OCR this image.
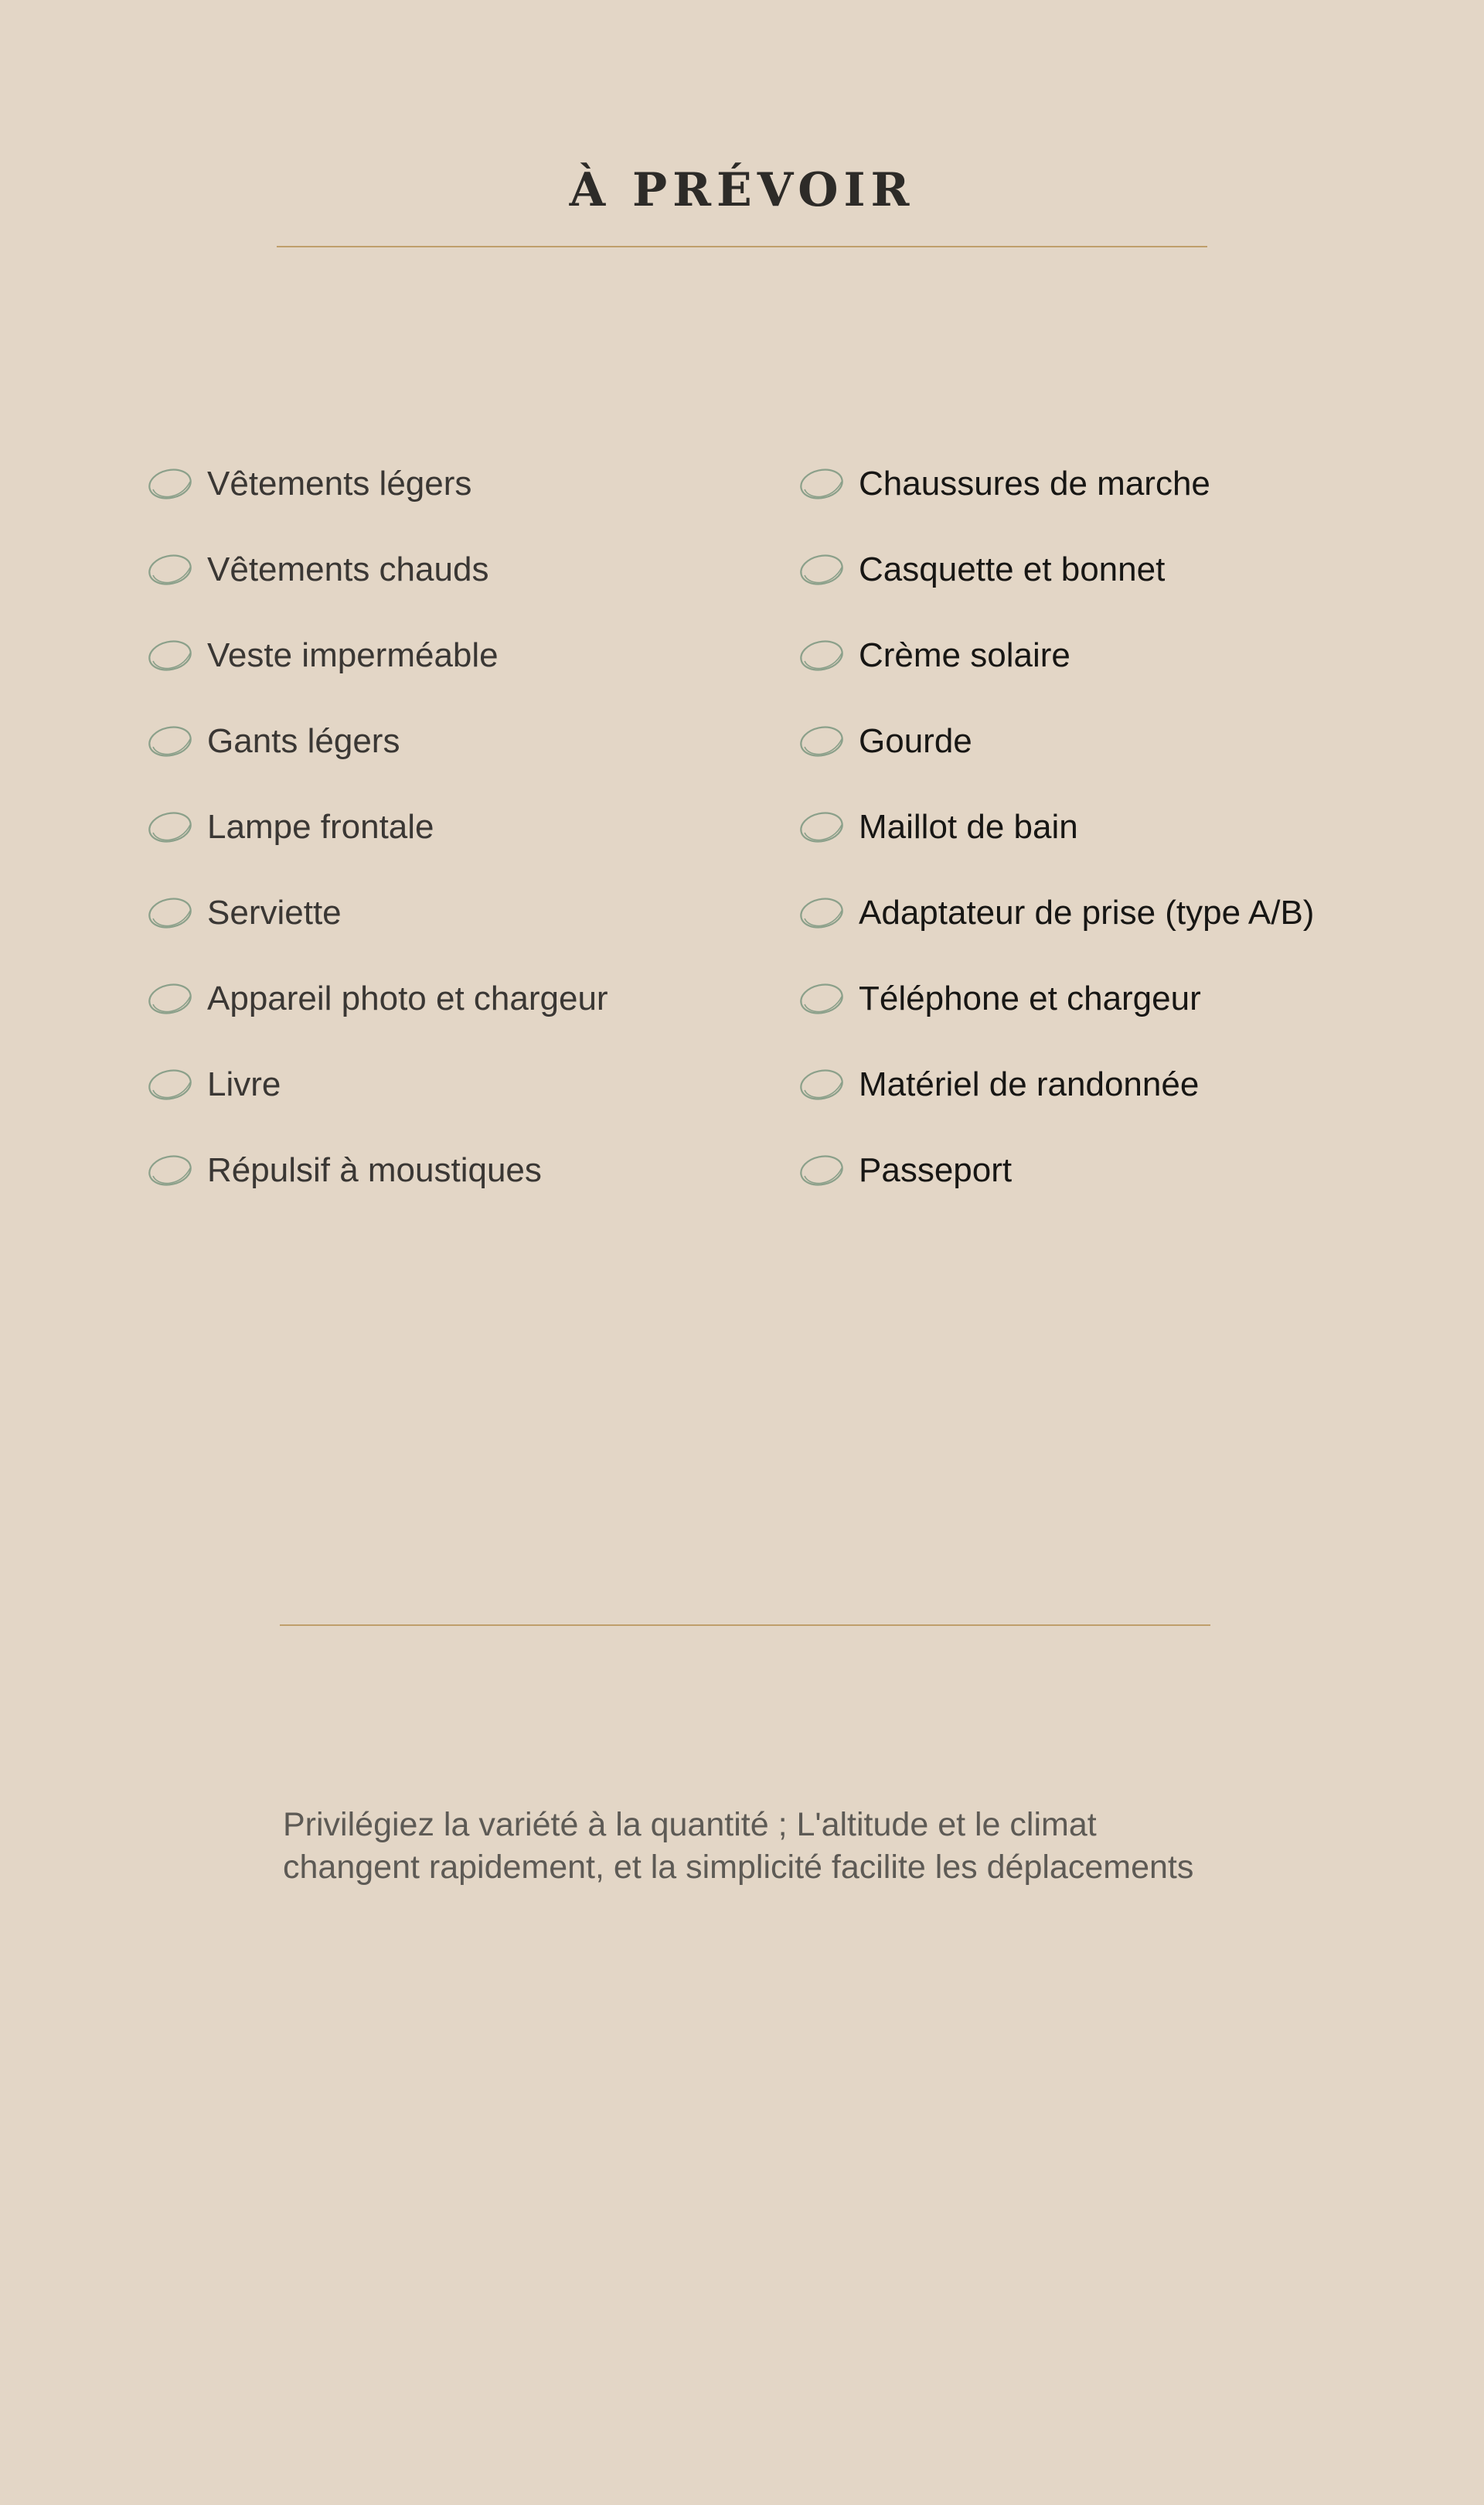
À PRÉVOIR
Vêtements légers
Vêtements chauds
Veste imperméable
Gants légers
Lampe frontale
Serviette
Appareil photo et chargeur
Livre
Répulsif à moustiques
Chaussures de marche
Casquette et bonnet
Crème solaire
Gourde
Maillot de bain
Adaptateur de prise (type A/B)
Téléphone et chargeur
Matériel de randonnée
Passeport

Privilégiez la variété à la quantité ; L'altitude et le climat changent rapidement, et la simplicité facilite les déplacements
